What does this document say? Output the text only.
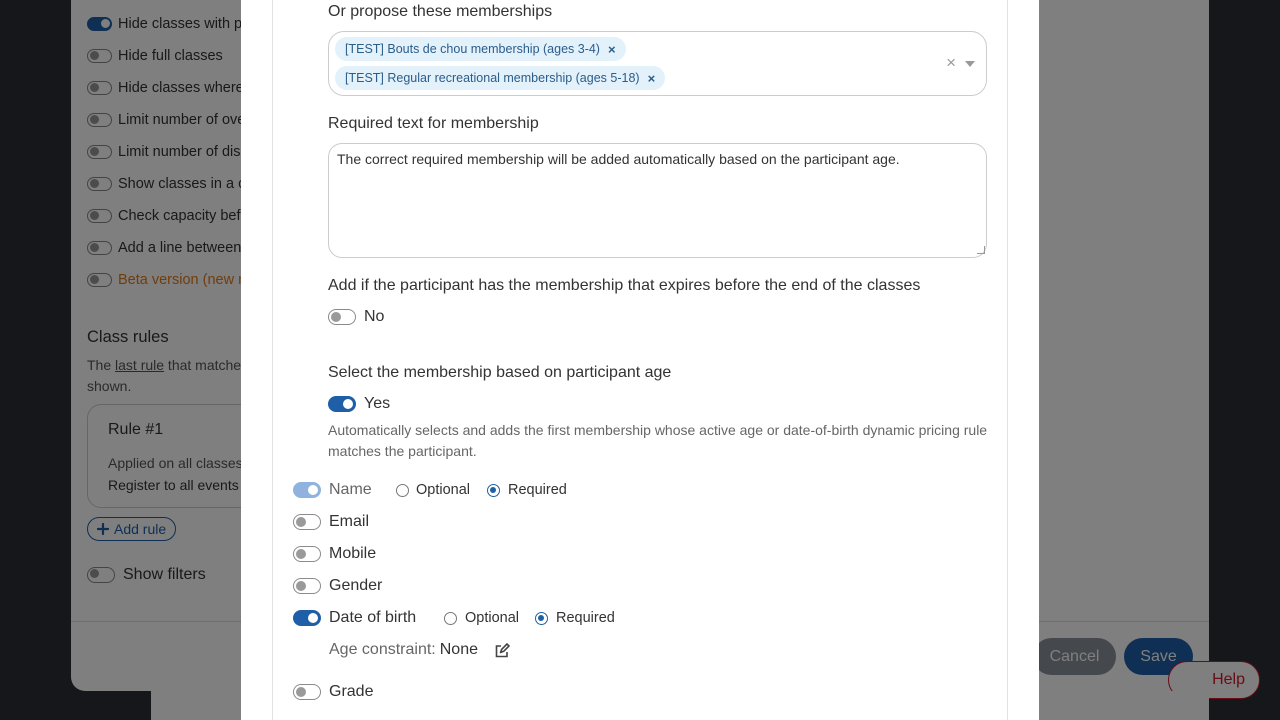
Or propose these memberships
[TEST] Bouts de chou membership (ages 3-4) ×
[TEST] Regular recreational membership (ages 5-18) ×
×
Required text for membership
The correct required membership will be added automatically based on the participant age.
Add if the participant has the membership that expires before the end of the classes
No
Select the membership based on participant age
Yes
Automatically selects and adds the first membership whose active age or date-of-birth dynamic pricing rule matches the participant.
Name	Optional	Required
Email
Mobile
Gender
Date of birth	Optional	Required
Age constraint: None
Grade
